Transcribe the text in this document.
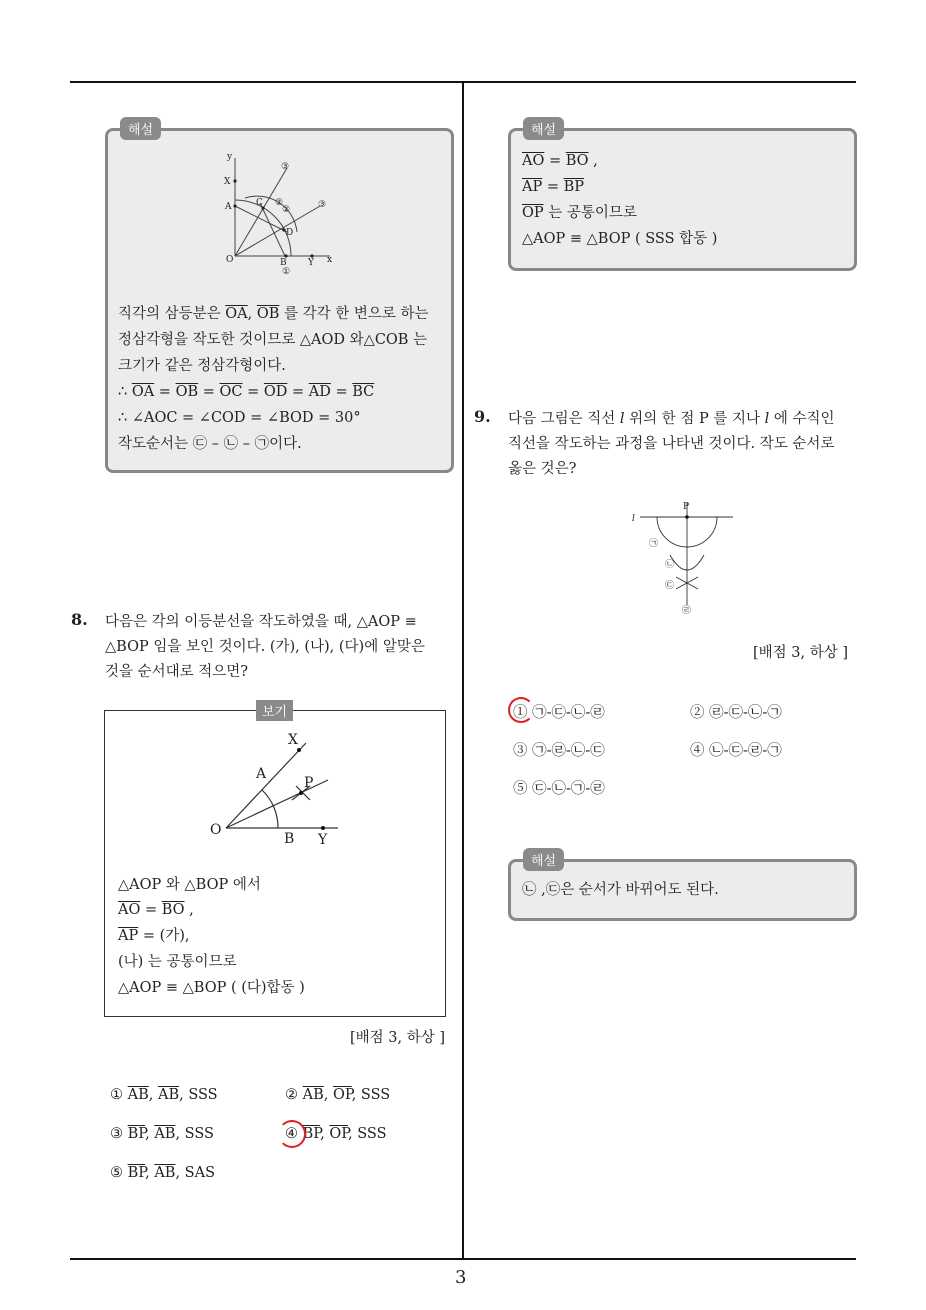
3
해설
y
X
A	C ②
②
③
③
D
O	B Y x
①
직각의 삼등분은 $\overline{OA}$, $\overline{OB}$ 를 각각 한 변으로 하는
정삼각형을 작도한 것이므로 △AOD 와△COB 는
크기가 같은 정삼각형이다.
∴ $\overline{OA} = \overline{OB} = \overline{OC} = \overline{OD} = \overline{AD} = \overline{BC}$
∴ ∠AOC = ∠COD = ∠BOD = 30°
작도순서는 ㉢ – ㉡ – ㉠이다.
8. 다음은 각의 이등분선을 작도하였을 때, △AOP ≡
△BOP 임을 보인 것이다. (가), (나), (다)에 알맞은
것을 순서대로 적으면?
보기
X
A
P
O
B Y
△AOP 와 △BOP 에서
$\overline{AO} = \overline{BO}$ ,
$\overline{AP}$ = (가),
(나) 는 공통이므로
△AOP ≡ △BOP ( (다)합동 )
[배점 3, 하상 ]
① $\overline{AB}$, $\overline{AB}$, SSS	② $\overline{AB}$, $\overline{OP}$, SSS
③ $\overline{BP}$, $\overline{AB}$, SSS	④ $\overline{BP}$, $\overline{OP}$, SSS
⑤ $\overline{BP}$, $\overline{AB}$, SAS
해설
$\overline{AO} = \overline{BO}$ ,
$\overline{AP} = \overline{BP}$
$\overline{OP}$ 는 공통이므로
△AOP ≡ △BOP ( SSS 합동 )
9. 다음 그림은 직선 l 위의 한 점 P 를 지나 l 에 수직인
직선을 작도하는 과정을 나타낸 것이다. 작도 순서로
옳은 것은?
P
l
㉠
㉡
㉢
㉣
[배점 3, 하상 ]
① ㉠-㉢-㉡-㉣	② ㉣-㉢-㉡-㉠
③ ㉠-㉣-㉡-㉢	④ ㉡-㉢-㉣-㉠
⑤ ㉢-㉡-㉠-㉣
해설
㉡ ,㉢은 순서가 바뀌어도 된다.
